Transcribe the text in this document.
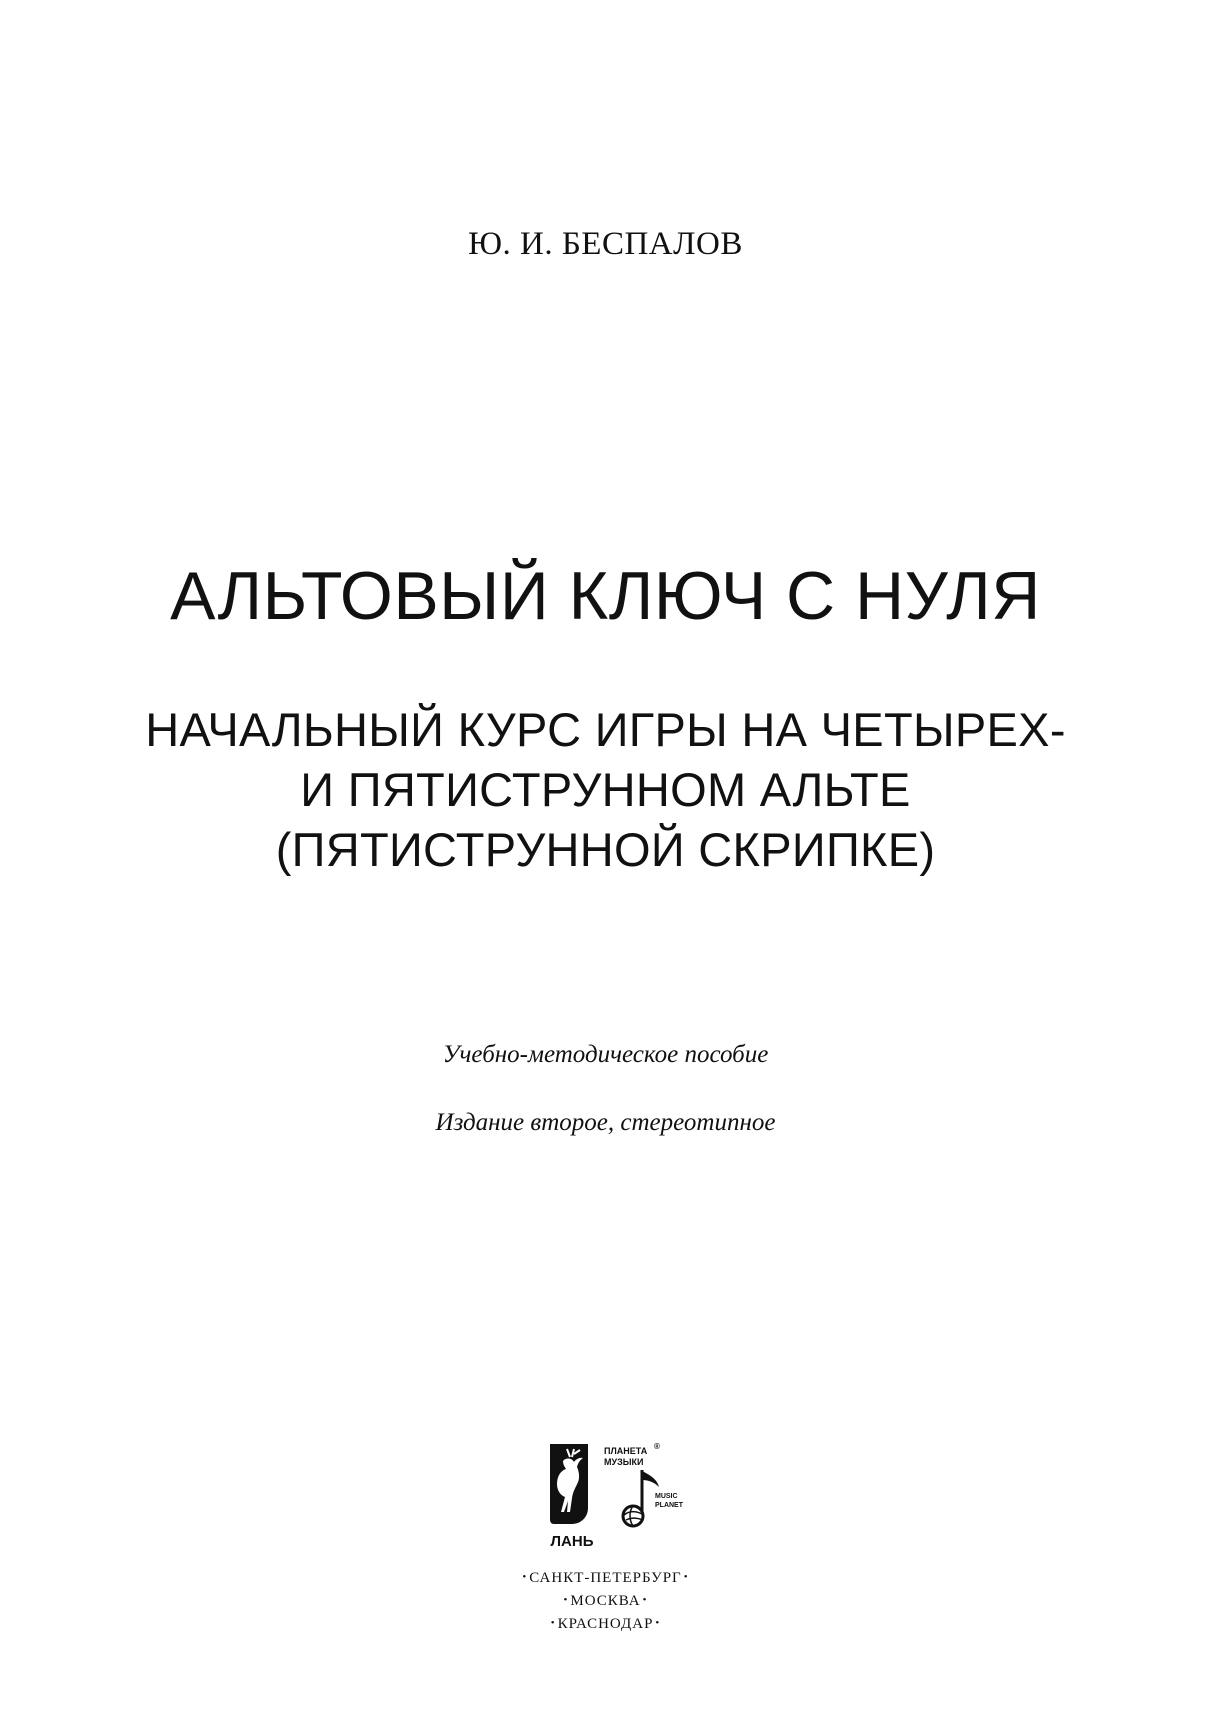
Ю. И. БЕСПАЛОВ
АЛЬТОВЫЙ КЛЮЧ С НУЛЯ
НАЧАЛЬНЫЙ КУРС ИГРЫ НА ЧЕТЫРЕХ-
И ПЯТИСТРУННОМ АЛЬТЕ
(ПЯТИСТРУННОЙ СКРИПКЕ)
Учебно-методическое пособие
Издание второе, стереотипное
ЛАНЬ
ПЛАНЕТА
МУЗЫКИ
®
MUSIC
PLANET
• САНКТ-ПЕТЕРБУРГ •
• МОСКВА •
• КРАСНОДАР •
